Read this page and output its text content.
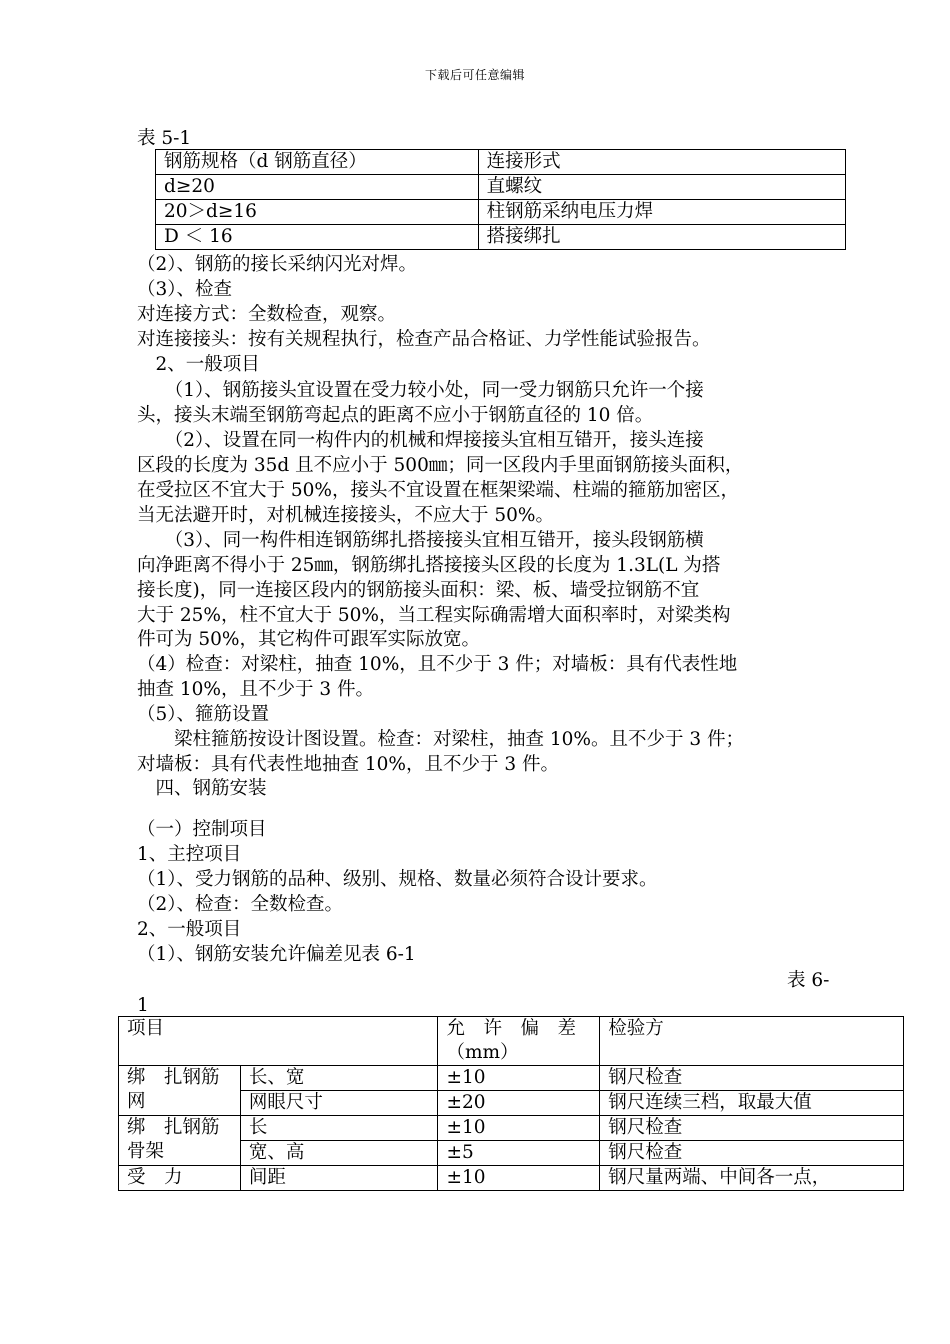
下载后可任意编辑
表 5-1
钢筋规格（d 钢筋直径）	连接形式
d≥20	直螺纹
20＞d≥16	柱钢筋采纳电压力焊
D ＜ 16	搭接绑扎
（2）、钢筋的接长采纳闪光对焊。
（3）、检查
对连接方式：全数检查，观察。
对连接接头：按有关规程执行，检查产品合格证、力学性能试验报告。
　2、一般项目
　　（1）、钢筋接头宜设置在受力较小处，同一受力钢筋只允许一个接
头，接头末端至钢筋弯起点的距离不应小于钢筋直径的 10 倍。
　　（2）、设置在同一构件内的机械和焊接接头宜相互错开，接头连接
区段的长度为 35d 且不应小于 500㎜；同一区段内手里面钢筋接头面积，
在受拉区不宜大于 50%，接头不宜设置在框架梁端、柱端的箍筋加密区，
当无法避开时，对机械连接接头，不应大于 50%。
　　（3）、同一构件相连钢筋绑扎搭接接头宜相互错开，接头段钢筋横
向净距离不得小于 25㎜，钢筋绑扎搭接接头区段的长度为 1.3L(L 为搭
接长度)，同一连接区段内的钢筋接头面积：梁、板、墙受拉钢筋不宜
大于 25%，柱不宜大于 50%，当工程实际确需增大面积率时，对梁类构
件可为 50%，其它构件可跟军实际放宽。
（4）检查：对梁柱，抽查 10%，且不少于 3 件；对墙板：具有代表性地
抽查 10%，且不少于 3 件。
（5）、箍筋设置
　　梁柱箍筋按设计图设置。检查：对梁柱，抽查 10%。且不少于 3 件；
对墙板：具有代表性地抽查 10%，且不少于 3 件。
　四、钢筋安装
（一）控制项目
1、主控项目
（1）、受力钢筋的品种、级别、规格、数量必须符合设计要求。
（2）、检查：全数检查。
2、一般项目
（1）、钢筋安装允许偏差见表 6-1
表 6-
1
项目		允　许　偏　差（mm）	检验方
绑　扎钢筋网	长、宽	±10	钢尺检查
	网眼尺寸	±20	钢尺连续三档，取最大值
绑　扎钢筋骨架	长	±10	钢尺检查
	宽、高	±5	钢尺检查
受　力	间距	±10	钢尺量两端、中间各一点，
